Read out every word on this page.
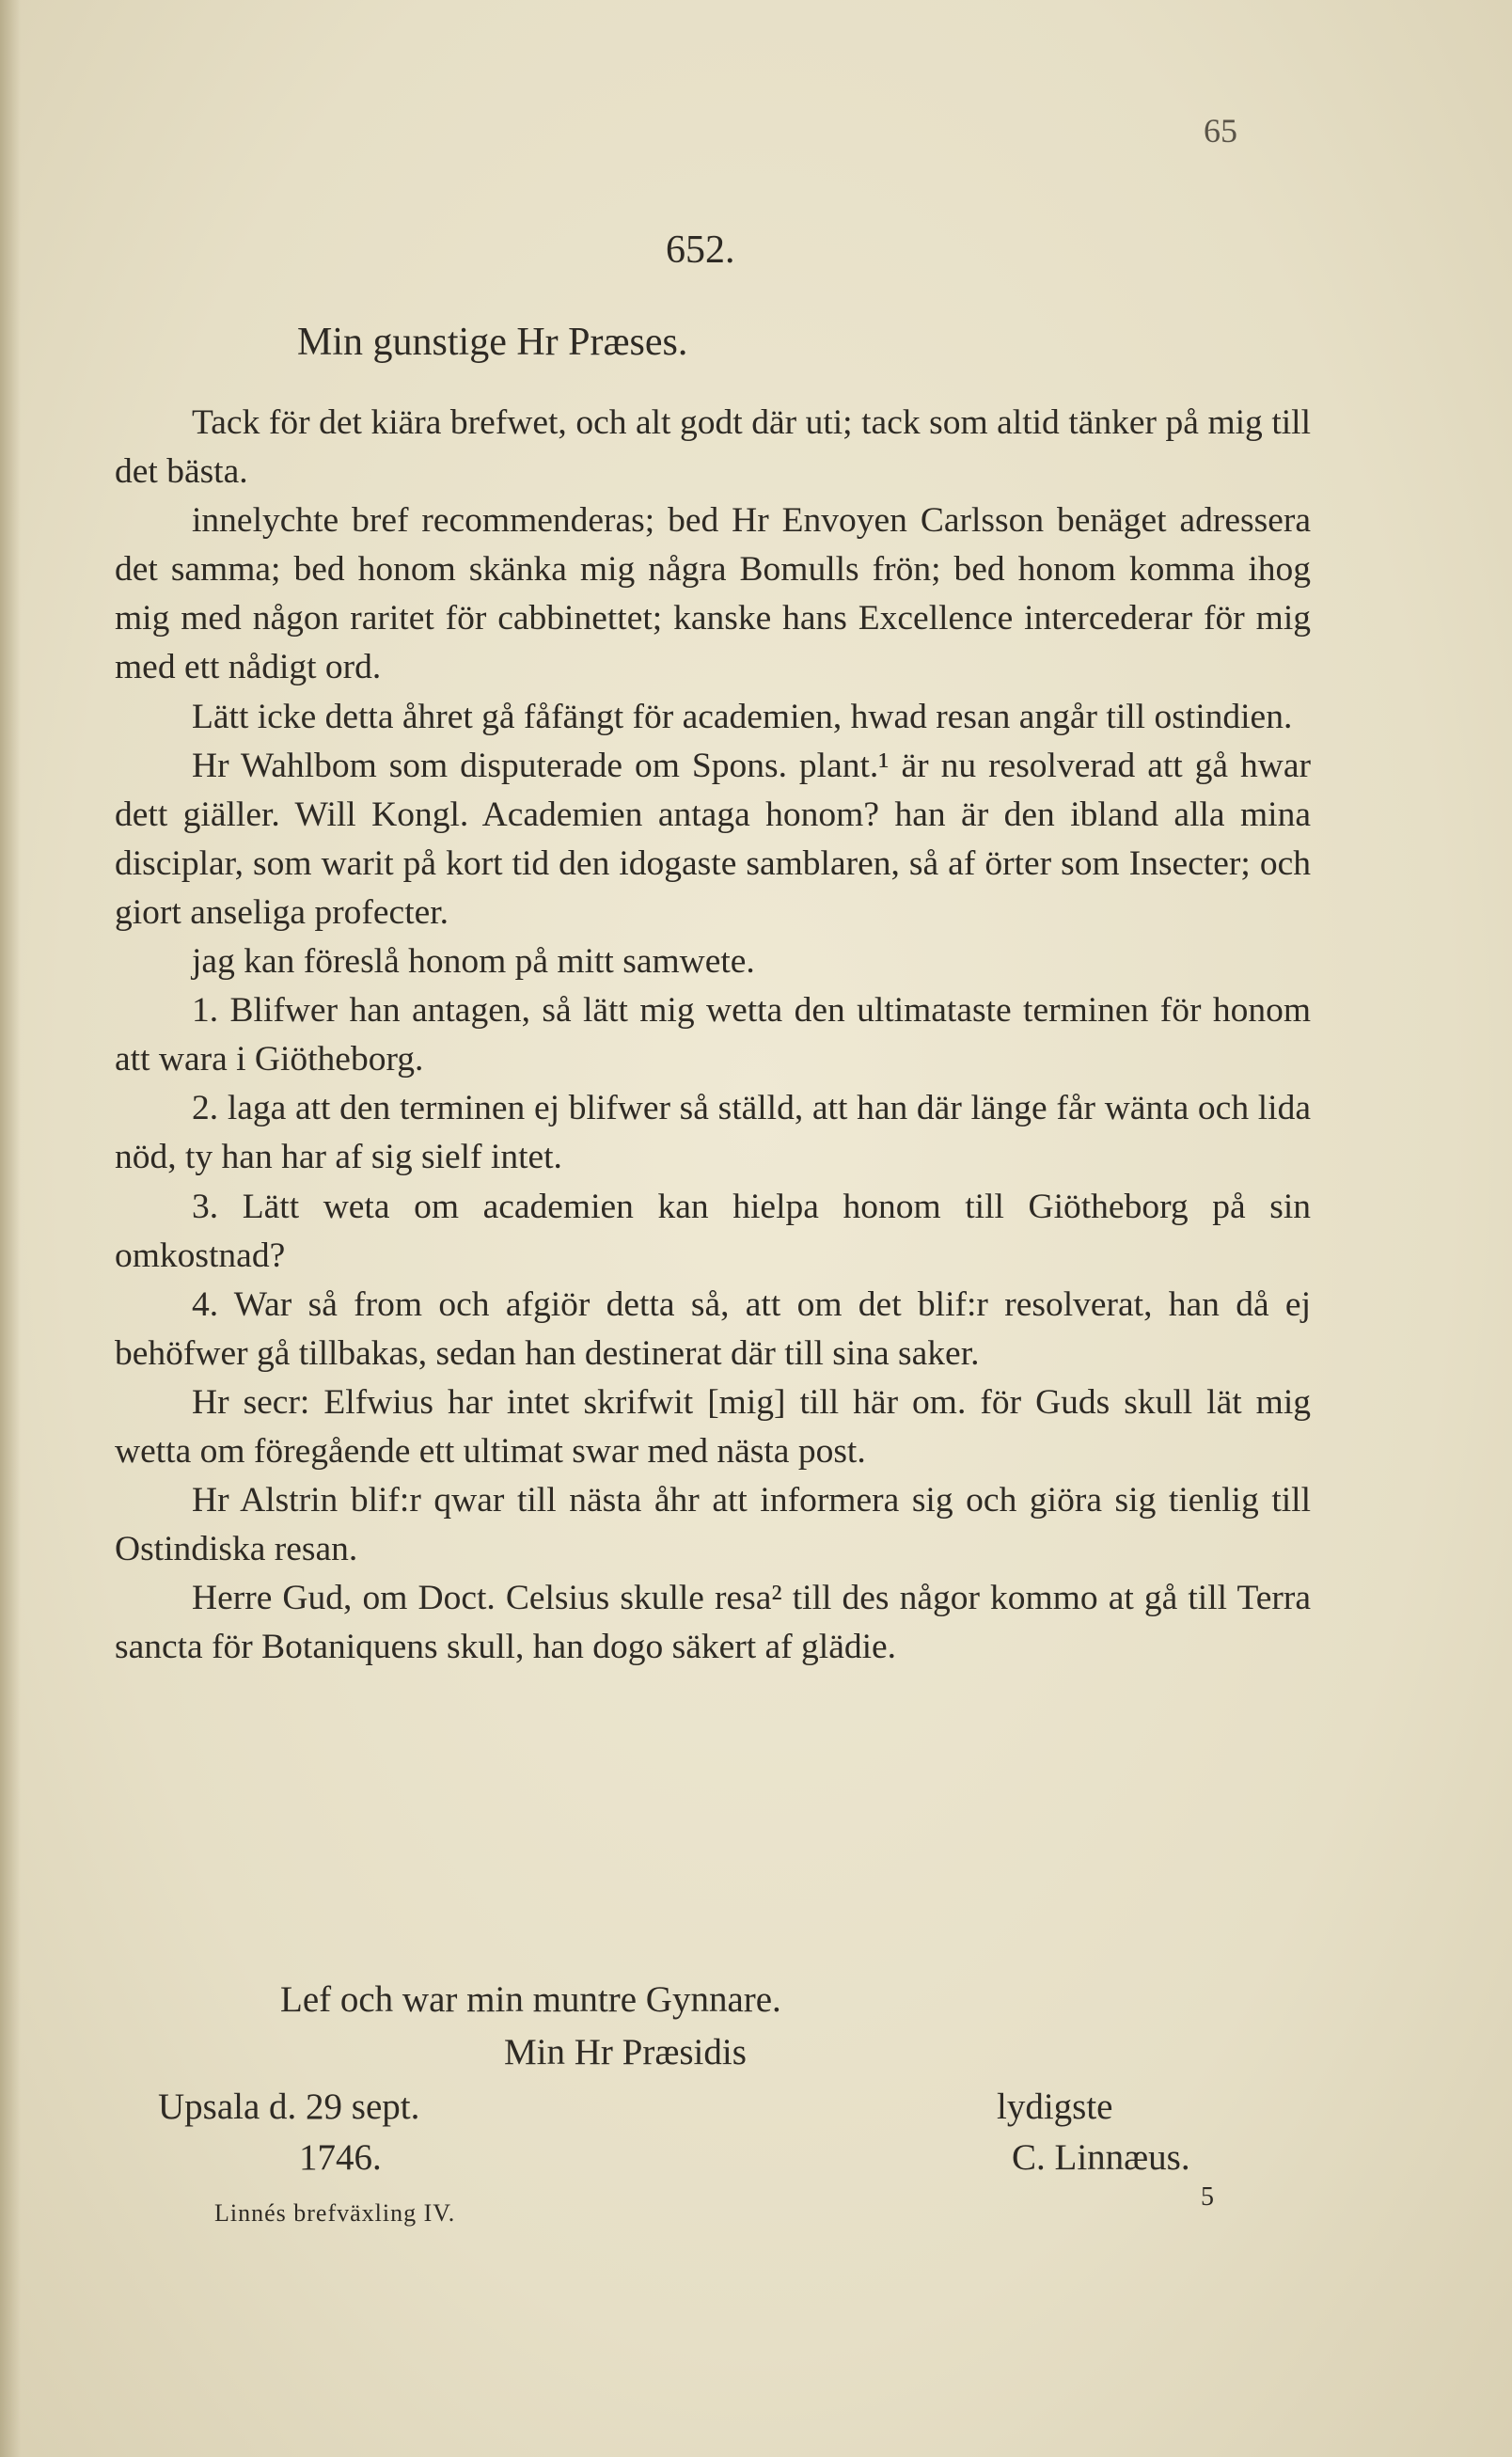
65
652.
Min gunstige Hr Præses.

Tack för det kiära brefwet, och alt godt där uti; tack som altid tänker på mig till det bästa.

innelychte bref recommenderas; bed Hr Envoyen Carlsson benäget adressera det samma; bed honom skänka mig några Bomulls frön; bed honom komma ihog mig med någon raritet för cabbinettet; kanske hans Excellence intercederar för mig med ett nådigt ord.

Lätt icke detta åhret gå fåfängt för academien, hwad resan angår till ostindien.

Hr Wahlbom som disputerade om Spons. plant.¹ är nu resolverad att gå hwar dett giäller. Will Kongl. Academien antaga honom? han är den ibland alla mina disciplar, som warit på kort tid den idogaste samblaren, så af örter som Insecter; och giort anseliga profecter.

jag kan föreslå honom på mitt samwete.

1. Blifwer han antagen, så lätt mig wetta den ultimataste terminen för honom att wara i Giötheborg.

2. laga att den terminen ej blifwer så ställd, att han där länge får wänta och lida nöd, ty han har af sig sielf intet.

3. Lätt weta om academien kan hielpa honom till Giötheborg på sin omkostnad?

4. War så from och afgiör detta så, att om det blif:r resolverat, han då ej behöfwer gå tillbakas, sedan han destinerat där till sina saker.

Hr secr: Elfwius har intet skrifwit [mig] till här om. för Guds skull lät mig wetta om föregående ett ultimat swar med nästa post.

Hr Alstrin blif:r qwar till nästa åhr att informera sig och giöra sig tienlig till Ostindiska resan.

Herre Gud, om Doct. Celsius skulle resa² till des någor kommo at gå till Terra sancta för Botaniquens skull, han dogo säkert af glädie.

Lef och war min muntre Gynnare.
Min Hr Præsidis
Upsala d. 29 sept.
1746.
lydigste
C. Linnæus.
Linnés brefväxling IV.
5
